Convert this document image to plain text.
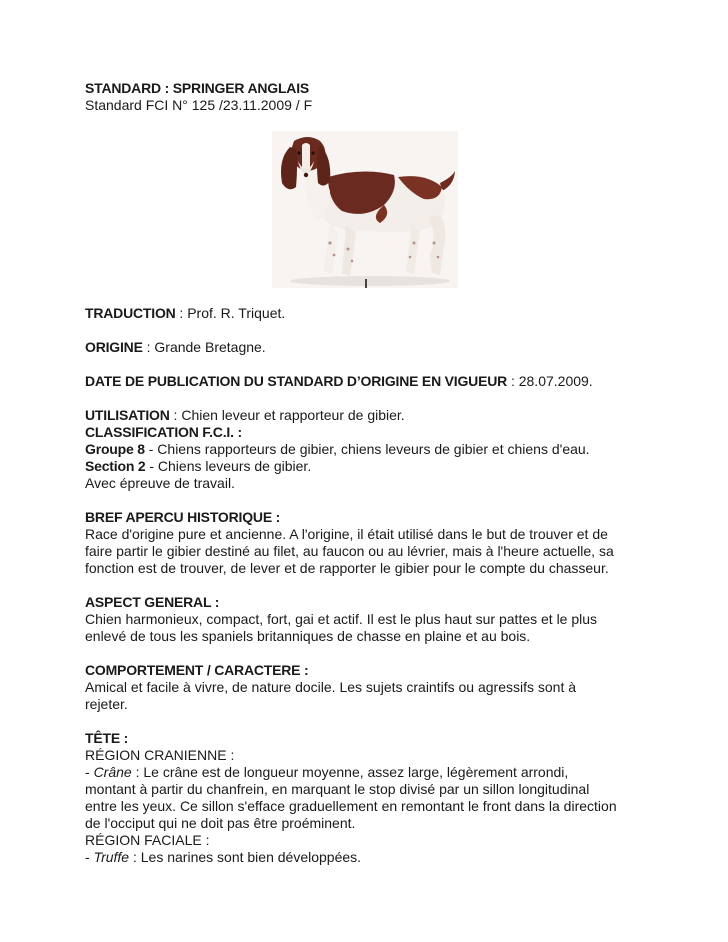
STANDARD : SPRINGER ANGLAIS
Standard FCI N° 125 /23.11.2009 / F
TRADUCTION : Prof. R. Triquet.
ORIGINE : Grande Bretagne.
DATE DE PUBLICATION DU STANDARD D’ORIGINE EN VIGUEUR : 28.07.2009.
UTILISATION : Chien leveur et rapporteur de gibier.
CLASSIFICATION F.C.I. :
Groupe 8 - Chiens rapporteurs de gibier, chiens leveurs de gibier et chiens d'eau.
Section 2 - Chiens leveurs de gibier.
Avec épreuve de travail.
BREF APERCU HISTORIQUE :
Race d'origine pure et ancienne. A l'origine, il était utilisé dans le but de trouver et de
faire partir le gibier destiné au filet, au faucon ou au lévrier, mais à l'heure actuelle, sa
fonction est de trouver, de lever et de rapporter le gibier pour le compte du chasseur.
ASPECT GENERAL :
Chien harmonieux, compact, fort, gai et actif. Il est le plus haut sur pattes et le plus
enlevé de tous les spaniels britanniques de chasse en plaine et au bois.
COMPORTEMENT / CARACTERE :
Amical et facile à vivre, de nature docile. Les sujets craintifs ou agressifs sont à
rejeter.
TÊTE :
RÉGION CRANIENNE :
- Crâne : Le crâne est de longueur moyenne, assez large, légèrement arrondi,
montant à partir du chanfrein, en marquant le stop divisé par un sillon longitudinal
entre les yeux. Ce sillon s'efface graduellement en remontant le front dans la direction
de l'occiput qui ne doit pas être proéminent.
RÉGION FACIALE :
- Truffe : Les narines sont bien développées.
